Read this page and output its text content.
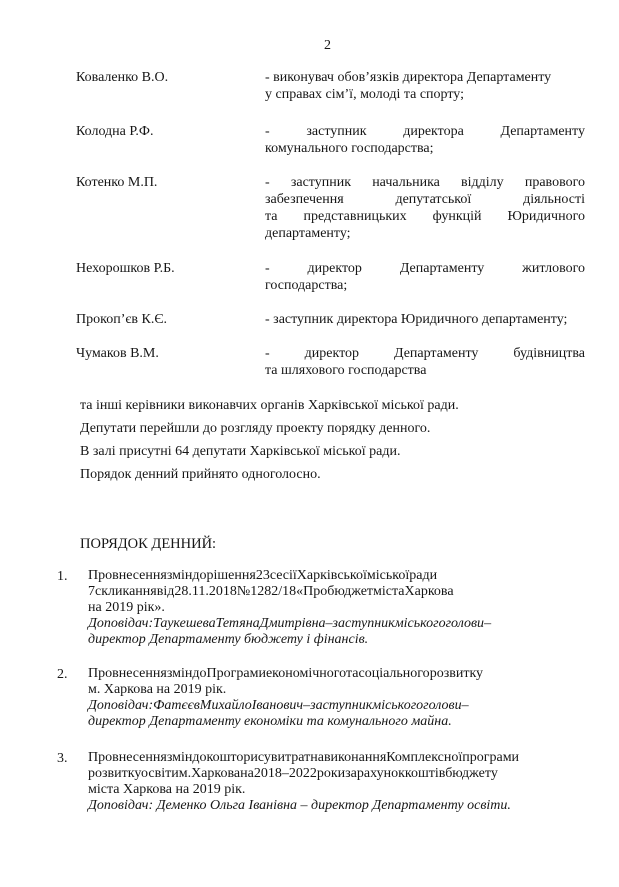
2
Коваленко В.О.	- виконувач обов’язків директора Департаменту
у справах сім’ї, молоді та спорту;
Колодна Р.Ф.	-	заступник	директора	Департаменту
комунального господарства;
Котенко М.П.	- заступник начальника відділу правового
забезпечення	депутатської	діяльності
та представницьких функцій Юридичного
департаменту;
Нехорошков Р.Б.	-	директор	Департаменту	житлового
господарства;
Прокоп’єв К.Є.	- заступник директора Юридичного департаменту;
Чумаков В.М.	- директор Департаменту будівництва
та шляхового господарства
та інші керівники виконавчих органів Харківської міської ради.
Депутати перейшли до розгляду проекту порядку денного.
В залі присутні 64 депутати Харківської міської ради.
Порядок денний прийнято одноголосно.
ПОРЯДОК ДЕННИЙ:
1. Провнесеннязміндорішення23сесіїХарківськоїміськоїради
7скликаннявід28.11.2018№1282/18«ПробюджетмістаХаркова
на 2019 рік».
Доповідач:ТаукешеваТетянаДмитрівна–заступникміськогоголови–
директор Департаменту бюджету і фінансів.
2. ПровнесеннязміндоПрограмиекономічноготасоціальногорозвитку
м. Харкова на 2019 рік.
Доповідач:ФатєєвМихайлоІванович–заступникміськогоголови–
директор Департаменту економіки та комунального майна.
3. ПровнесеннязміндокошторисувитратнавиконанняКомплексноїпрограми
розвиткуосвітим.Харкована2018–2022рокизарахуноккоштівбюджету
міста Харкова на 2019 рік.
Доповідач: Деменко Ольга Іванівна – директор Департаменту освіти.
